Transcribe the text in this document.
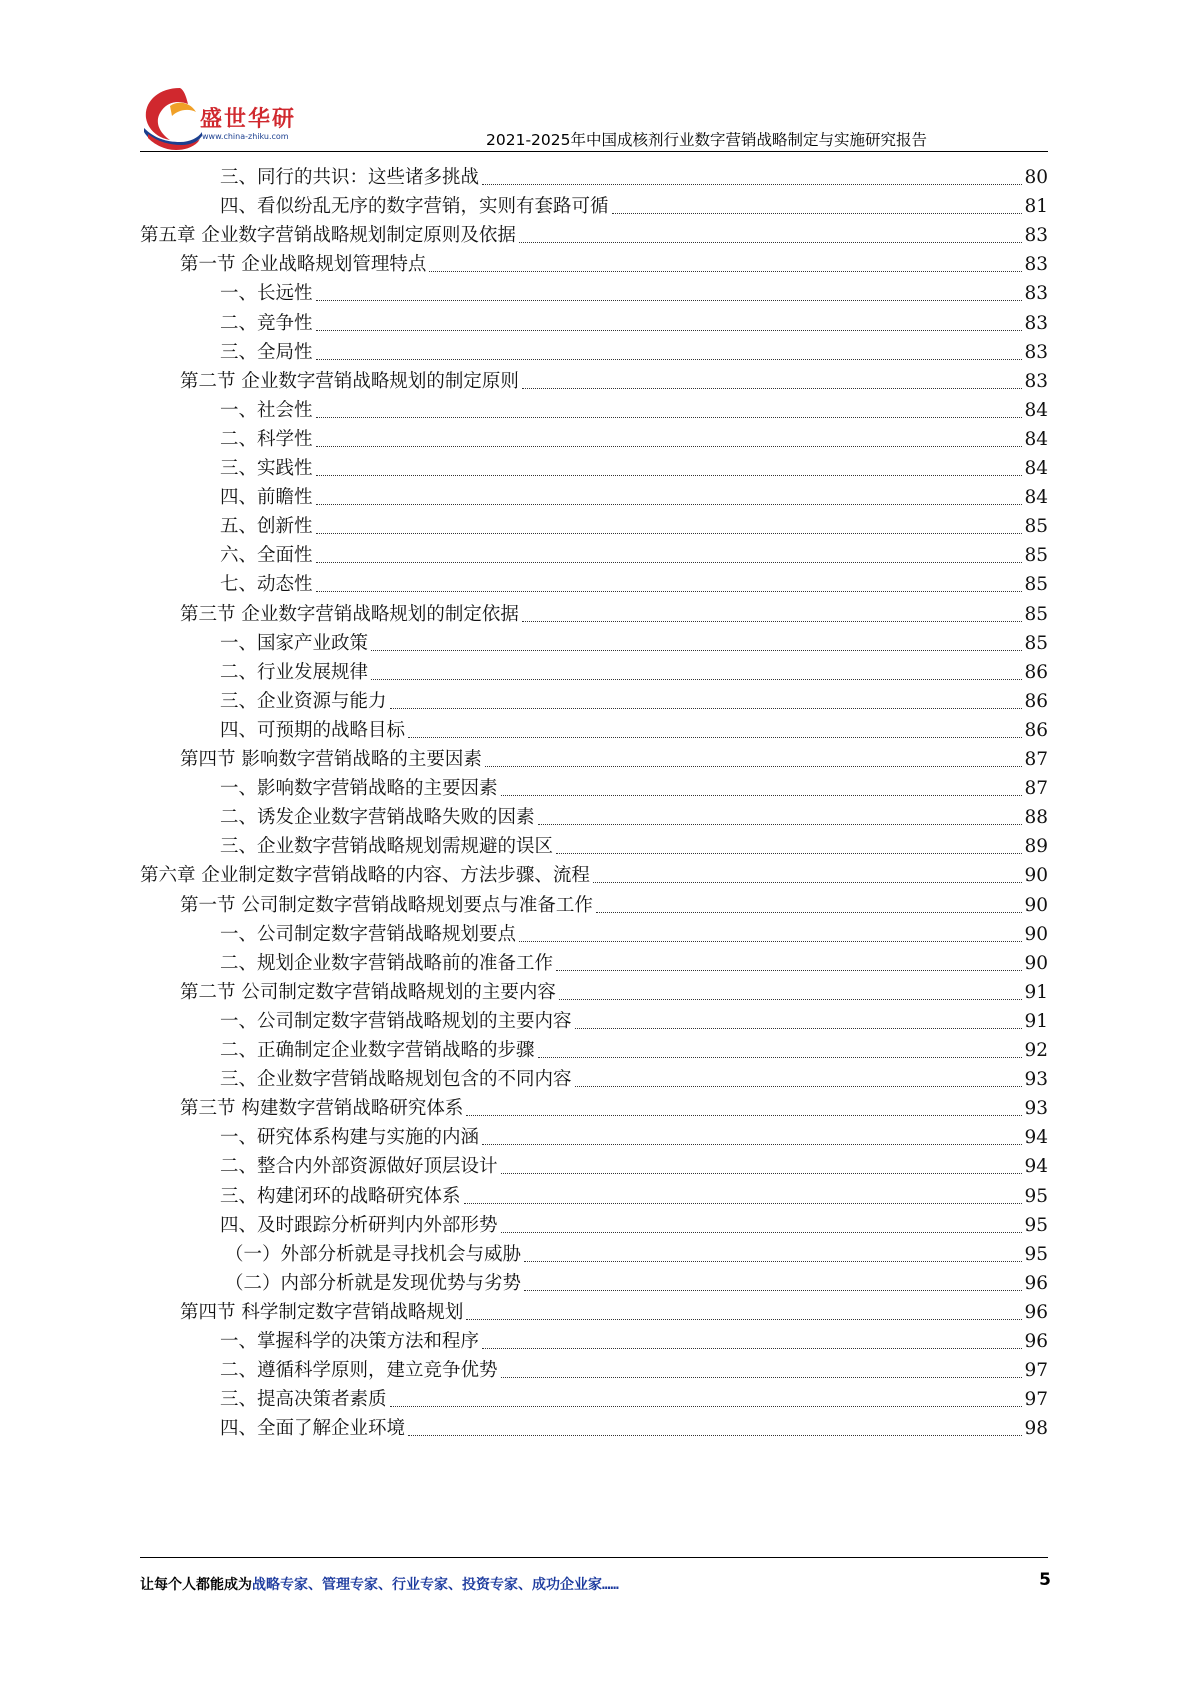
盛世华研
www.china-zhiku.com	2021-2025年中国成核剂行业数字营销战略制定与实施研究报告
三、同行的共识：这些诸多挑战	80
四、看似纷乱无序的数字营销，实则有套路可循	81
第五章 企业数字营销战略规划制定原则及依据	83
第一节 企业战略规划管理特点	83
一、长远性	83
二、竞争性	83
三、全局性	83
第二节 企业数字营销战略规划的制定原则	83
一、社会性	84
二、科学性	84
三、实践性	84
四、前瞻性	84
五、创新性	85
六、全面性	85
七、动态性	85
第三节 企业数字营销战略规划的制定依据	85
一、国家产业政策	85
二、行业发展规律	86
三、企业资源与能力	86
四、可预期的战略目标	86
第四节 影响数字营销战略的主要因素	87
一、影响数字营销战略的主要因素	87
二、诱发企业数字营销战略失败的因素	88
三、企业数字营销战略规划需规避的误区	89
第六章 企业制定数字营销战略的内容、方法步骤、流程	90
第一节 公司制定数字营销战略规划要点与准备工作	90
一、公司制定数字营销战略规划要点	90
二、规划企业数字营销战略前的准备工作	90
第二节 公司制定数字营销战略规划的主要内容	91
一、公司制定数字营销战略规划的主要内容	91
二、正确制定企业数字营销战略的步骤	92
三、企业数字营销战略规划包含的不同内容	93
第三节 构建数字营销战略研究体系	93
一、研究体系构建与实施的内涵	94
二、整合内外部资源做好顶层设计	94
三、构建闭环的战略研究体系	95
四、及时跟踪分析研判内外部形势	95
（一）外部分析就是寻找机会与威胁	95
（二）内部分析就是发现优势与劣势	96
第四节 科学制定数字营销战略规划	96
一、掌握科学的决策方法和程序	96
二、遵循科学原则，建立竞争优势	97
三、提高决策者素质	97
四、全面了解企业环境	98
让每个人都能成为战略专家、管理专家、行业专家、投资专家、成功企业家……	5
